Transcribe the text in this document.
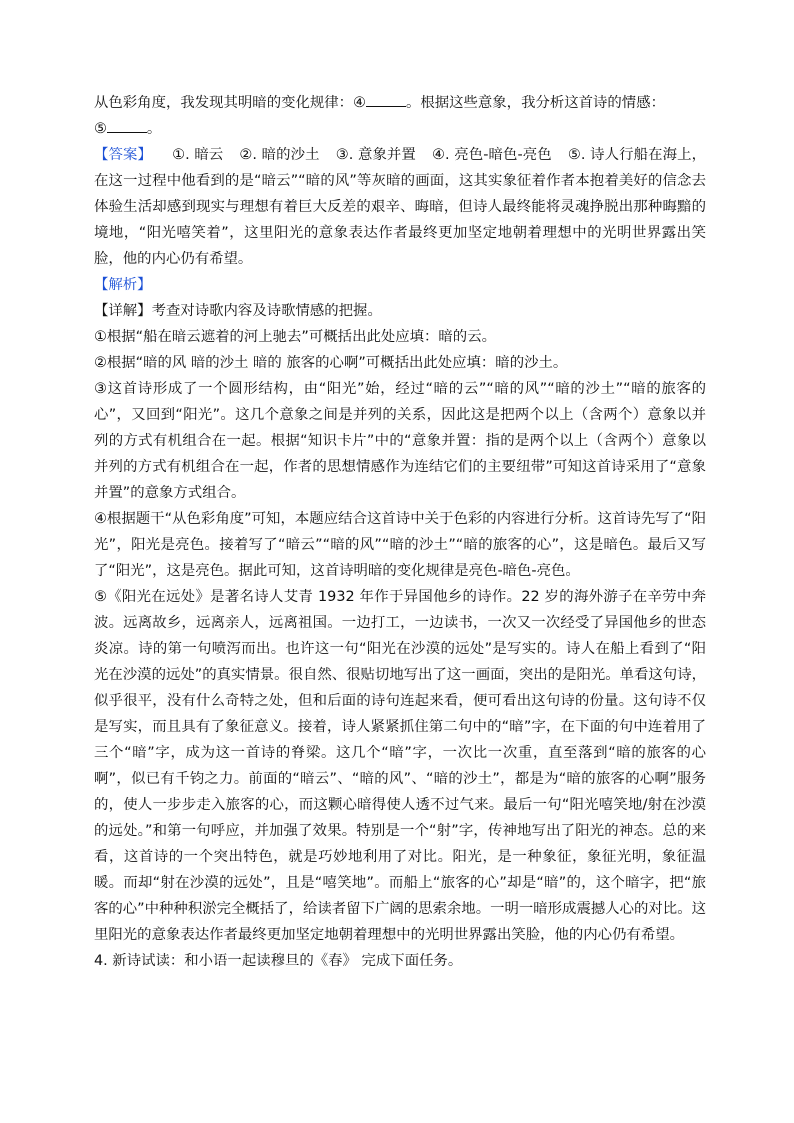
从色彩角度，我发现其明暗的变化规律：④	。根据这些意象，我分析这首诗的情感：

⑤	。

【答案】 ①. 暗云 ②. 暗的沙土 ③. 意象并置 ④. 亮色-暗色-亮色 ⑤. 诗人行船在海上，在这一过程中他看到的是“暗云”“暗的风”等灰暗的画面，这其实象征着作者本抱着美好的信念去体验生活却感到现实与理想有着巨大反差的艰辛、晦暗，但诗人最终能将灵魂挣脱出那种晦黯的境地，“阳光嘻笑着”，这里阳光的意象表达作者最终更加坚定地朝着理想中的光明世界露出笑脸，他的内心仍有希望。

【解析】

【详解】考查对诗歌内容及诗歌情感的把握。

①根据“船在暗云遮着的河上驰去”可概括出此处应填：暗的云。

②根据“暗的风 暗的沙土 暗的 旅客的心啊”可概括出此处应填：暗的沙土。

③这首诗形成了一个圆形结构，由“阳光”始，经过“暗的云”“暗的风”“暗的沙土”“暗的旅客的心”，又回到“阳光”。这几个意象之间是并列的关系，因此这是把两个以上（含两个）意象以并列的方式有机组合在一起。根据“知识卡片”中的“意象并置：指的是两个以上（含两个）意象以并列的方式有机组合在一起，作者的思想情感作为连结它们的主要纽带”可知这首诗采用了“意象并置”的意象方式组合。

④根据题干“从色彩角度”可知，本题应结合这首诗中关于色彩的内容进行分析。这首诗先写了“阳光”，阳光是亮色。接着写了“暗云”“暗的风”“暗的沙土”“暗的旅客的心”，这是暗色。最后又写了“阳光”，这是亮色。据此可知，这首诗明暗的变化规律是亮色-暗色-亮色。

⑤《阳光在远处》是著名诗人艾青 1932 年作于异国他乡的诗作。22 岁的海外游子在辛劳中奔波。远离故乡，远离亲人，远离祖国。一边打工，一边读书，一次又一次经受了异国他乡的世态炎凉。诗的第一句喷泻而出。也许这一句“阳光在沙漠的远处”是写实的。诗人在船上看到了“阳光在沙漠的远处”的真实情景。很自然、很贴切地写出了这一画面，突出的是阳光。单看这句诗，似乎很平，没有什么奇特之处，但和后面的诗句连起来看，便可看出这句诗的份量。这句诗不仅是写实，而且具有了象征意义。接着，诗人紧紧抓住第二句中的“暗”字，在下面的句中连着用了三个“暗”字，成为这一首诗的脊梁。这几个“暗”字，一次比一次重，直至落到“暗的旅客的心啊”，似已有千钧之力。前面的“暗云”、“暗的风”、“暗的沙土”，都是为“暗的旅客的心啊”服务的，使人一步步走入旅客的心，而这颗心暗得使人透不过气来。最后一句“阳光嘻笑地/射在沙漠的远处。”和第一句呼应，并加强了效果。特别是一个“射”字，传神地写出了阳光的神态。总的来看，这首诗的一个突出特色，就是巧妙地利用了对比。阳光，是一种象征，象征光明，象征温暖。而却“射在沙漠的远处”，且是“嘻笑地”。而船上“旅客的心”却是“暗”的，这个暗字，把“旅客的心”中种种积淤完全概括了，给读者留下广阔的思索余地。一明一暗形成震撼人心的对比。这里阳光的意象表达作者最终更加坚定地朝着理想中的光明世界露出笑脸，他的内心仍有希望。

4. 新诗试读：和小语一起读穆旦的《春》 完成下面任务。
